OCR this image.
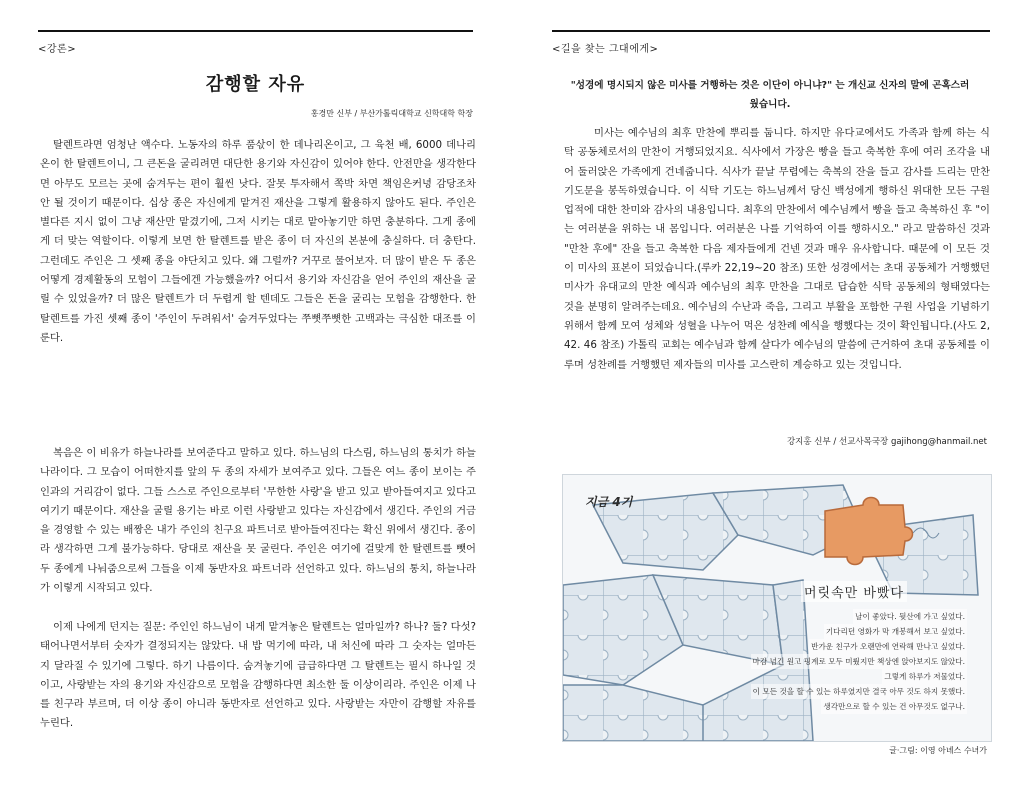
<강론>
감행할 자유
홍경만 신부 / 부산가톨릭대학교 신학대학 학장

탈렌트라면 엄청난 액수다. 노동자의 하루 품삯이 한 데나리온이고, 그 육천 배, 6000 데나리온이 한 탈렌트이니, 그 큰돈을 굴리려면 대단한 용기와 자신감이 있어야 한다. 안전만을 생각한다면 아무도 모르는 곳에 숨겨두는 편이 훨씬 낫다. 잘못 투자해서 쪽박 차면 책임은커녕 감당조차 안 될 것이기 때문이다. 십상 종은 자신에게 맡겨진 재산을 그렇게 활용하지 않아도 된다. 주인은 별다른 지시 없이 그냥 재산만 맡겼기에, 그저 시키는 대로 맡아놓기만 하면 충분하다. 그게 종에게 더 맞는 역할이다. 이렇게 보면 한 탈렌트를 받은 종이 더 자신의 본분에 충실하다. 더 충탄다. 그런데도 주인은 그 셋째 종을 야단치고 있다. 왜 그럴까? 거꾸로 물어보자. 더 많이 받은 두 종은 어떻게 경제활동의 모험이 그들에겐 가능했을까? 어디서 용기와 자신감을 얻어 주인의 재산을 굴릴 수 있었을까? 더 많은 탈렌트가 더 두렵게 할 텐데도 그들은 돈을 굴리는 모험을 감행한다. 한 탈렌트를 가진 셋째 종이 '주인이 두려워서' 숨겨두었다는 쭈뼛쭈뼛한 고백과는 극심한 대조를 이룬다.

복음은 이 비유가 하늘나라를 보여준다고 말하고 있다. 하느님의 다스림, 하느님의 통치가 하늘나라이다. 그 모습이 어떠한지를 앞의 두 종의 자세가 보여주고 있다. 그들은 여느 종이 보이는 주인과의 거리감이 없다. 그들 스스로 주인으로부터 '무한한 사랑'을 받고 있고 받아들여지고 있다고 여기기 때문이다. 재산을 굴릴 용기는 바로 이런 사랑받고 있다는 자신감에서 생긴다. 주인의 거금을 경영할 수 있는 배짱은 내가 주인의 친구요 파트너로 받아들여진다는 확신 위에서 생긴다. 종이라 생각하면 그게 불가능하다. 당대로 재산을 못 굴린다. 주인은 여기에 걸맞게 한 탈렌트를 뺏어 두 종에게 나눠줌으로써 그들을 이제 동반자요 파트너라 선언하고 있다. 하느님의 통치, 하늘나라가 이렇게 시작되고 있다.

이제 나에게 던지는 질문: 주인인 하느님이 내게 맡겨놓은 탈렌트는 얼마일까? 하나? 둘? 다섯? 태어나면서부터 숫자가 결정되지는 않았다. 내 밥 먹기에 따라, 내 처신에 따라 그 숫자는 얼마든지 달라질 수 있기에 그렇다. 하기 나름이다. 숨겨놓기에 급급하다면 그 탈렌트는 필시 하나일 것이고, 사랑받는 자의 용기와 자신감으로 모험을 감행하다면 최소한 둘 이상이리라. 주인은 이제 나를 친구라 부르며, 더 이상 종이 아니라 동반자로 선언하고 있다. 사랑받는 자만이 감행할 자유를 누린다.

<길을 찾는 그대에게>
"성경에 명시되지 않은 미사를 거행하는 것은 이단이 아니냐?" 는 개신교 신자의 말에 곤혹스러웠습니다.

미사는 예수님의 최후 만찬에 뿌리를 둡니다. 하지만 유다교에서도 가족과 함께 하는 식탁 공동체로서의 만찬이 거행되었지요. 식사에서 가장은 빵을 들고 축복한 후에 여러 조각을 내어 둘러앉은 가족에게 건네줍니다. 식사가 끝날 무렵에는 축복의 잔을 들고 감사를 드리는 만찬 기도문을 봉독하였습니다. 이 식탁 기도는 하느님께서 당신 백성에게 행하신 위대한 모든 구원 업적에 대한 찬미와 감사의 내용입니다. 최후의 만찬에서 예수님께서 빵을 들고 축복하신 후 "이는 여러분을 위하는 내 몸입니다. 여러분은 나를 기억하여 이를 행하시오." 라고 말씀하신 것과 "만찬 후에" 잔을 들고 축복한 다음 제자들에게 건넨 것과 매우 유사합니다. 때문에 이 모든 것이 미사의 표본이 되었습니다.(루카 22,19~20 참조) 또한 성경에서는 초대 공동체가 거행했던 미사가 유대교의 만찬 예식과 예수님의 최후 만찬을 그대로 답습한 식탁 공동체의 형태였다는 것을 분명히 알려주는데요. 예수님의 수난과 죽음, 그리고 부활을 포함한 구원 사업을 기념하기 위해서 함께 모여 성체와 성혈을 나누어 먹은 성찬례 예식을 행했다는 것이 확인됩니다.(사도 2,42. 46 참조) 가톨릭 교회는 예수님과 함께 살다가 예수님의 말씀에 근거하여 초대 공동체를 이루며 성찬례를 거행했던 제자들의 미사를 고스란히 계승하고 있는 것입니다.

강지홍 신부 / 선교사목국장 gajihong@hanmail.net
지금 4기
머릿속만 바빴다
날이 좋았다. 뒷산에 가고 싶었다.
기다리던 영화가 막 개봉해서 보고 싶었다.
반가운 친구가 오랜만에 연락해 만나고 싶었다.
마감 넘긴 원고 핑계로 모두 미뤘지만 책상엔 앉아보지도 않았다.
그렇게 하루가 저물었다.
이 모든 것을 할 수 있는 하루였지만 결국 아무 것도 하지 못했다.
생각만으로 할 수 있는 건 아무것도 없구나.
글·그림: 이영 아녜스 수녀가
